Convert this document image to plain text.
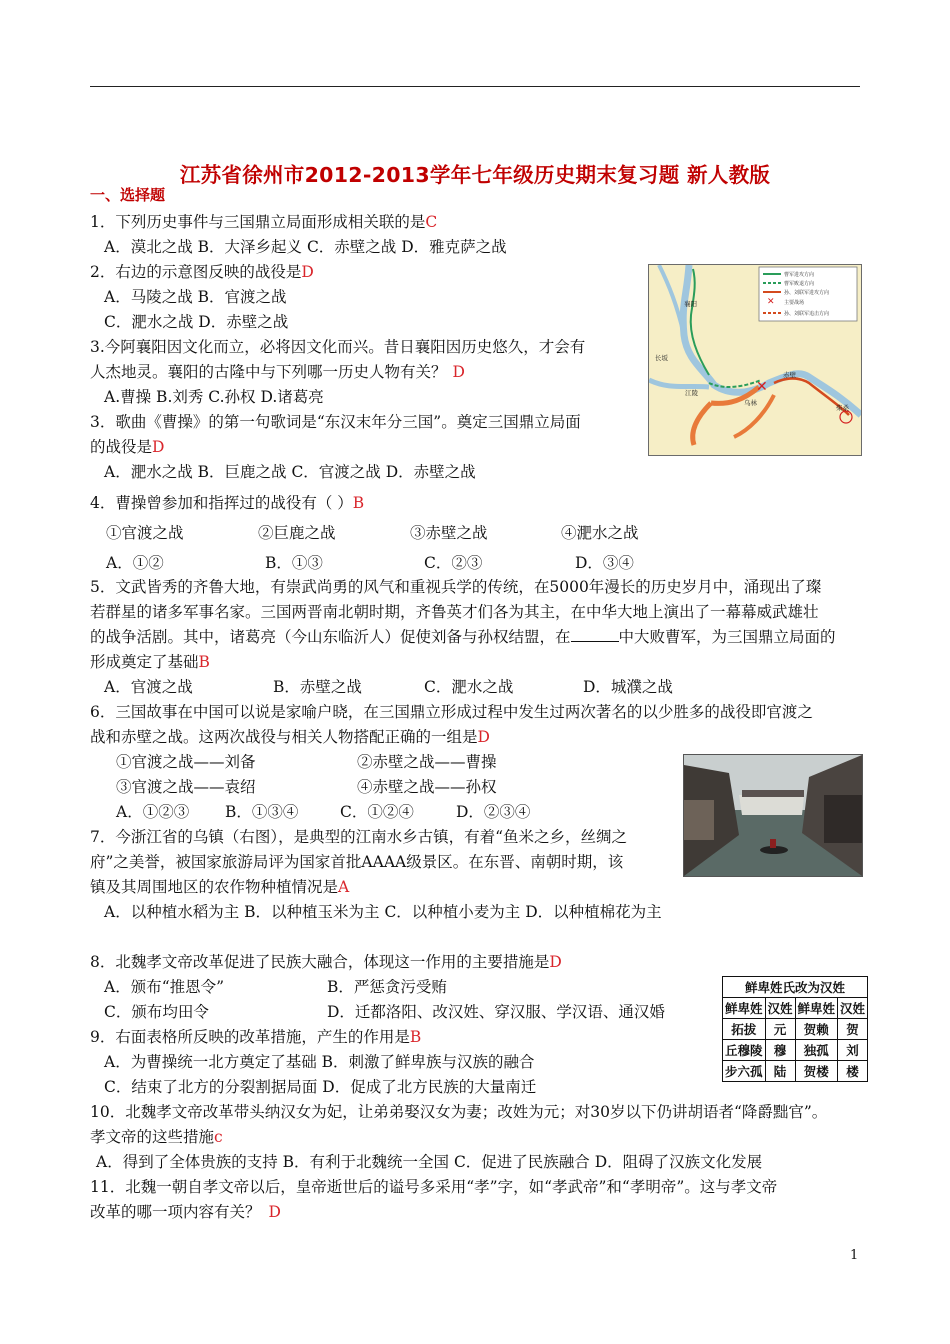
江苏省徐州市2012-2013学年七年级历史期末复习题 新人教版
一、选择题
1．下列历史事件与三国鼎立局面形成相关联的是C
A．漠北之战 B．大泽乡起义 C．赤壁之战 D．雅克萨之战
2．右边的示意图反映的战役是D
A．马陵之战 B．官渡之战
C．淝水之战 D．赤壁之战
3.今阿襄阳因文化而立，必将因文化而兴。昔日襄阳因历史悠久，才会有
人杰地灵。襄阳的古隆中与下列哪一历史人物有关？ D
A.曹操 B.刘秀 C.孙权 D.诸葛亮
3．歌曲《曹操》的第一句歌词是“东汉末年分三国”。奠定三国鼎立局面
的战役是D
A．淝水之战 B．巨鹿之战 C．官渡之战 D．赤壁之战
4．曹操曾参加和指挥过的战役有（ ）B
①官渡之战	②巨鹿之战	③赤壁之战	④淝水之战
A．①②	B．①③	C．②③	D．③④
5．文武皆秀的齐鲁大地，有崇武尚勇的风气和重视兵学的传统，在5000年漫长的历史岁月中，涌现出了璨
若群星的诸多军事名家。三国两晋南北朝时期，齐鲁英才们各为其主，在中华大地上演出了一幕幕威武雄壮
的战争活剧。其中，诸葛亮（今山东临沂人）促使刘备与孙权结盟，在	中大败曹军，为三国鼎立局面的
形成奠定了基础B
A．官渡之战	B．赤壁之战	C．淝水之战	D．城濮之战
6．三国故事在中国可以说是家喻户晓，在三国鼎立形成过程中发生过两次著名的以少胜多的战役即官渡之
战和赤壁之战。这两次战役与相关人物搭配正确的一组是D
①官渡之战——刘备	②赤壁之战——曹操
③官渡之战——袁绍	④赤壁之战——孙权
A．①②③ B．①③④	C．①②④	D．②③④
7．今浙江省的乌镇（右图），是典型的江南水乡古镇，有着“鱼米之乡，丝绸之
府”之美誉，被国家旅游局评为国家首批AAAA级景区。在东晋、南朝时期，该
镇及其周围地区的农作物种植情况是A
A．以种植水稻为主 B．以种植玉米为主 C．以种植小麦为主 D．以种植棉花为主
8．北魏孝文帝改革促进了民族大融合，体现这一作用的主要措施是D
A．颁布“推恩令”	B．严惩贪污受贿
C．颁布均田令	D．迁都洛阳、改汉姓、穿汉服、学汉语、通汉婚
9．右面表格所反映的改革措施，产生的作用是B
A．为曹操统一北方奠定了基础 B．刺激了鲜卑族与汉族的融合
C．结束了北方的分裂割据局面 D．促成了北方民族的大量南迁
10．北魏孝文帝改革带头纳汉女为妃，让弟弟娶汉女为妻；改姓为元；对30岁以下仍讲胡语者“降爵黜官”。
孝文帝的这些措施c
A．得到了全体贵族的支持 B．有利于北魏统一全国 C．促进了民族融合 D．阻碍了汉族文化发展
11．北魏一朝自孝文帝以后，皇帝逝世后的谥号多采用“孝”字，如“孝武帝”和“孝明帝”。这与孝文帝
改革的哪一项内容有关？ D
✕
曹军进攻方向
曹军败退方向
孙、刘联军进攻方向
主要战场
孙、刘联军追击方向
✕
襄阳
江陵
长坂
赤壁
乌林
柴桑
鲜卑姓氏改为汉姓			
鲜卑姓	汉姓	鲜卑姓	汉姓
拓拔	元	贺赖	贺
丘穆陵	穆	独孤	刘
步六孤	陆	贺楼	楼
1
